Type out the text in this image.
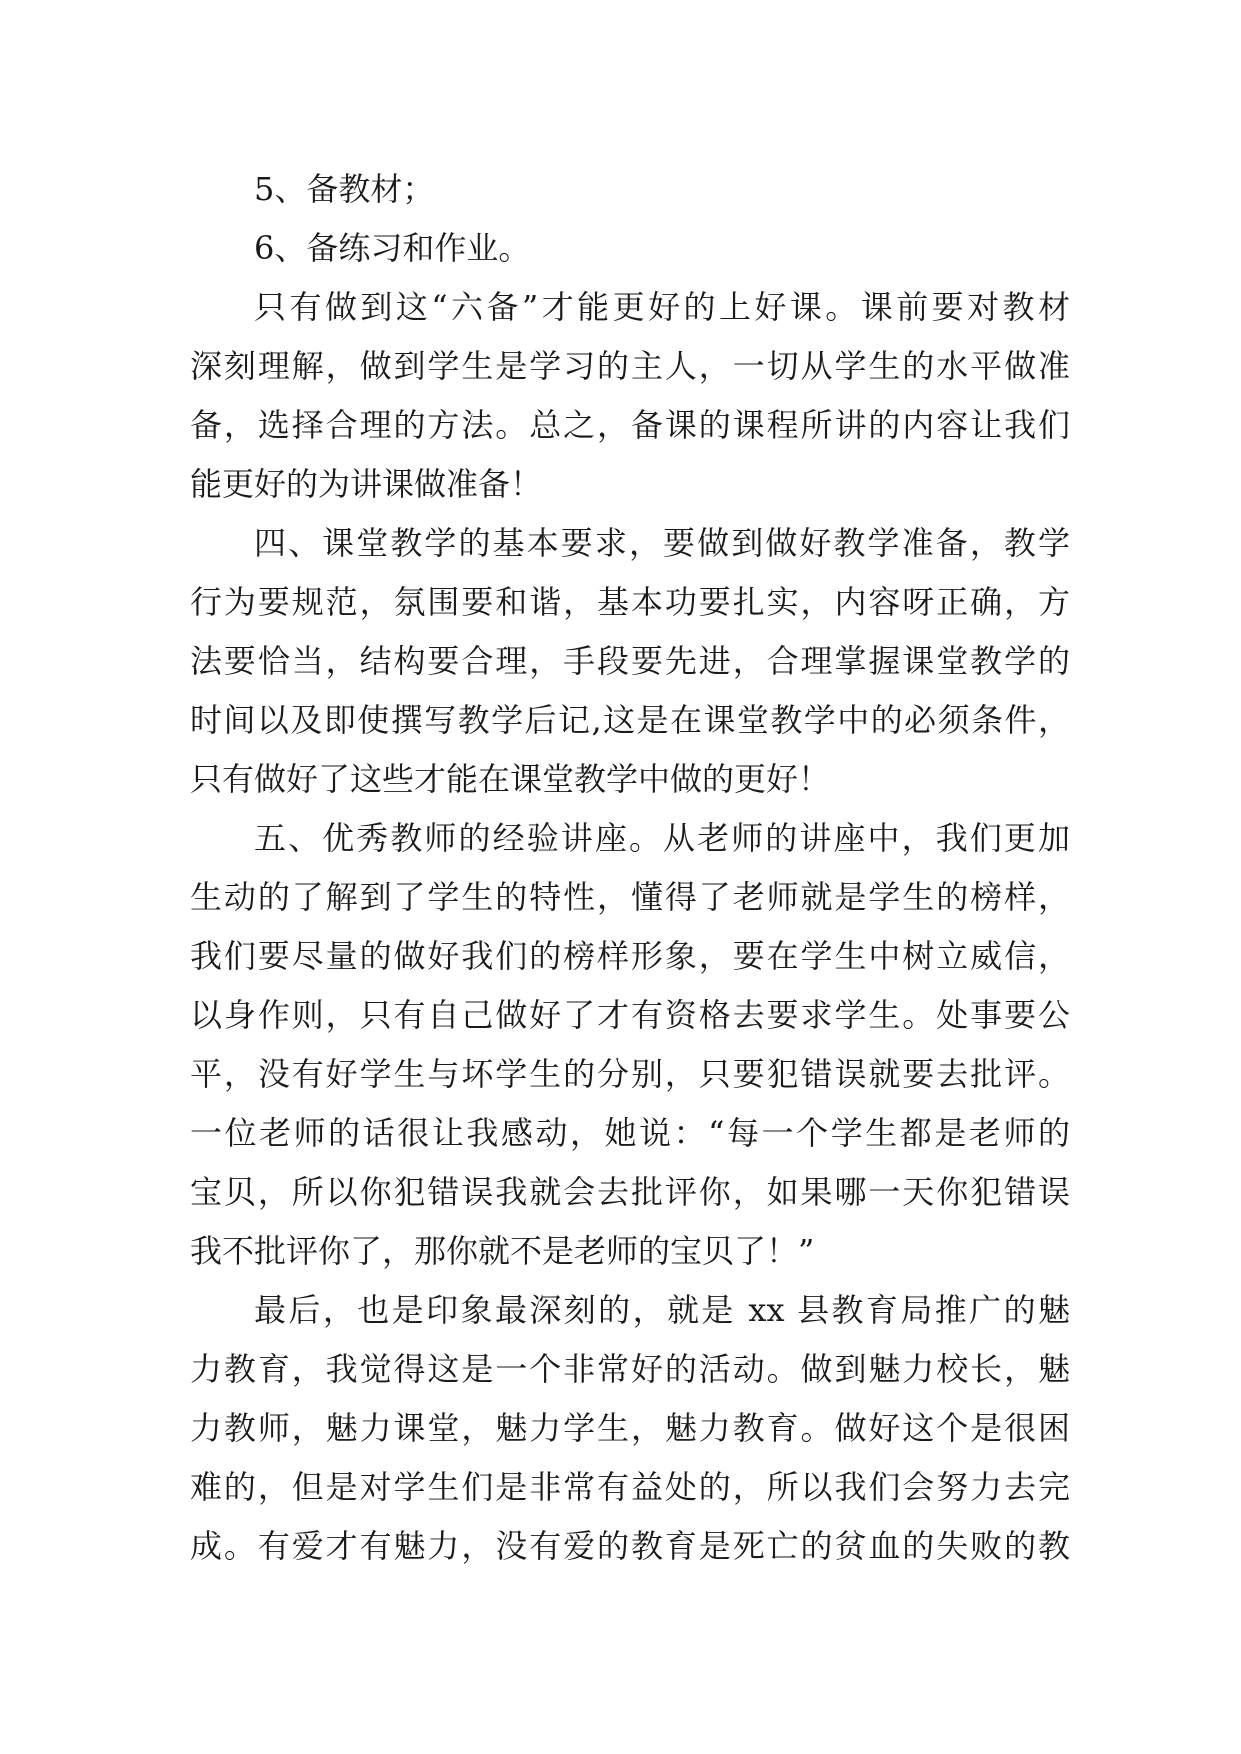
5、备教材；
6、备练习和作业。
只有做到这“六备”才能更好的上好课。课前要对教材
深刻理解，做到学生是学习的主人，一切从学生的水平做准
备，选择合理的方法。总之，备课的课程所讲的内容让我们
能更好的为讲课做准备！
四、课堂教学的基本要求，要做到做好教学准备，教学
行为要规范，氛围要和谐，基本功要扎实，内容呀正确，方
法要恰当，结构要合理，手段要先进，合理掌握课堂教学的
时间以及即使撰写教学后记,这是在课堂教学中的必须条件，
只有做好了这些才能在课堂教学中做的更好！
五、优秀教师的经验讲座。从老师的讲座中，我们更加
生动的了解到了学生的特性，懂得了老师就是学生的榜样，
我们要尽量的做好我们的榜样形象，要在学生中树立威信，
以身作则，只有自己做好了才有资格去要求学生。处事要公
平，没有好学生与坏学生的分别，只要犯错误就要去批评。
一位老师的话很让我感动，她说：“每一个学生都是老师的
宝贝，所以你犯错误我就会去批评你，如果哪一天你犯错误
我不批评你了，那你就不是老师的宝贝了！”
最后，也是印象最深刻的，就是 xx 县教育局推广的魅
力教育，我觉得这是一个非常好的活动。做到魅力校长，魅
力教师，魅力课堂，魅力学生，魅力教育。做好这个是很困
难的，但是对学生们是非常有益处的，所以我们会努力去完
成。有爱才有魅力，没有爱的教育是死亡的贫血的失败的教
